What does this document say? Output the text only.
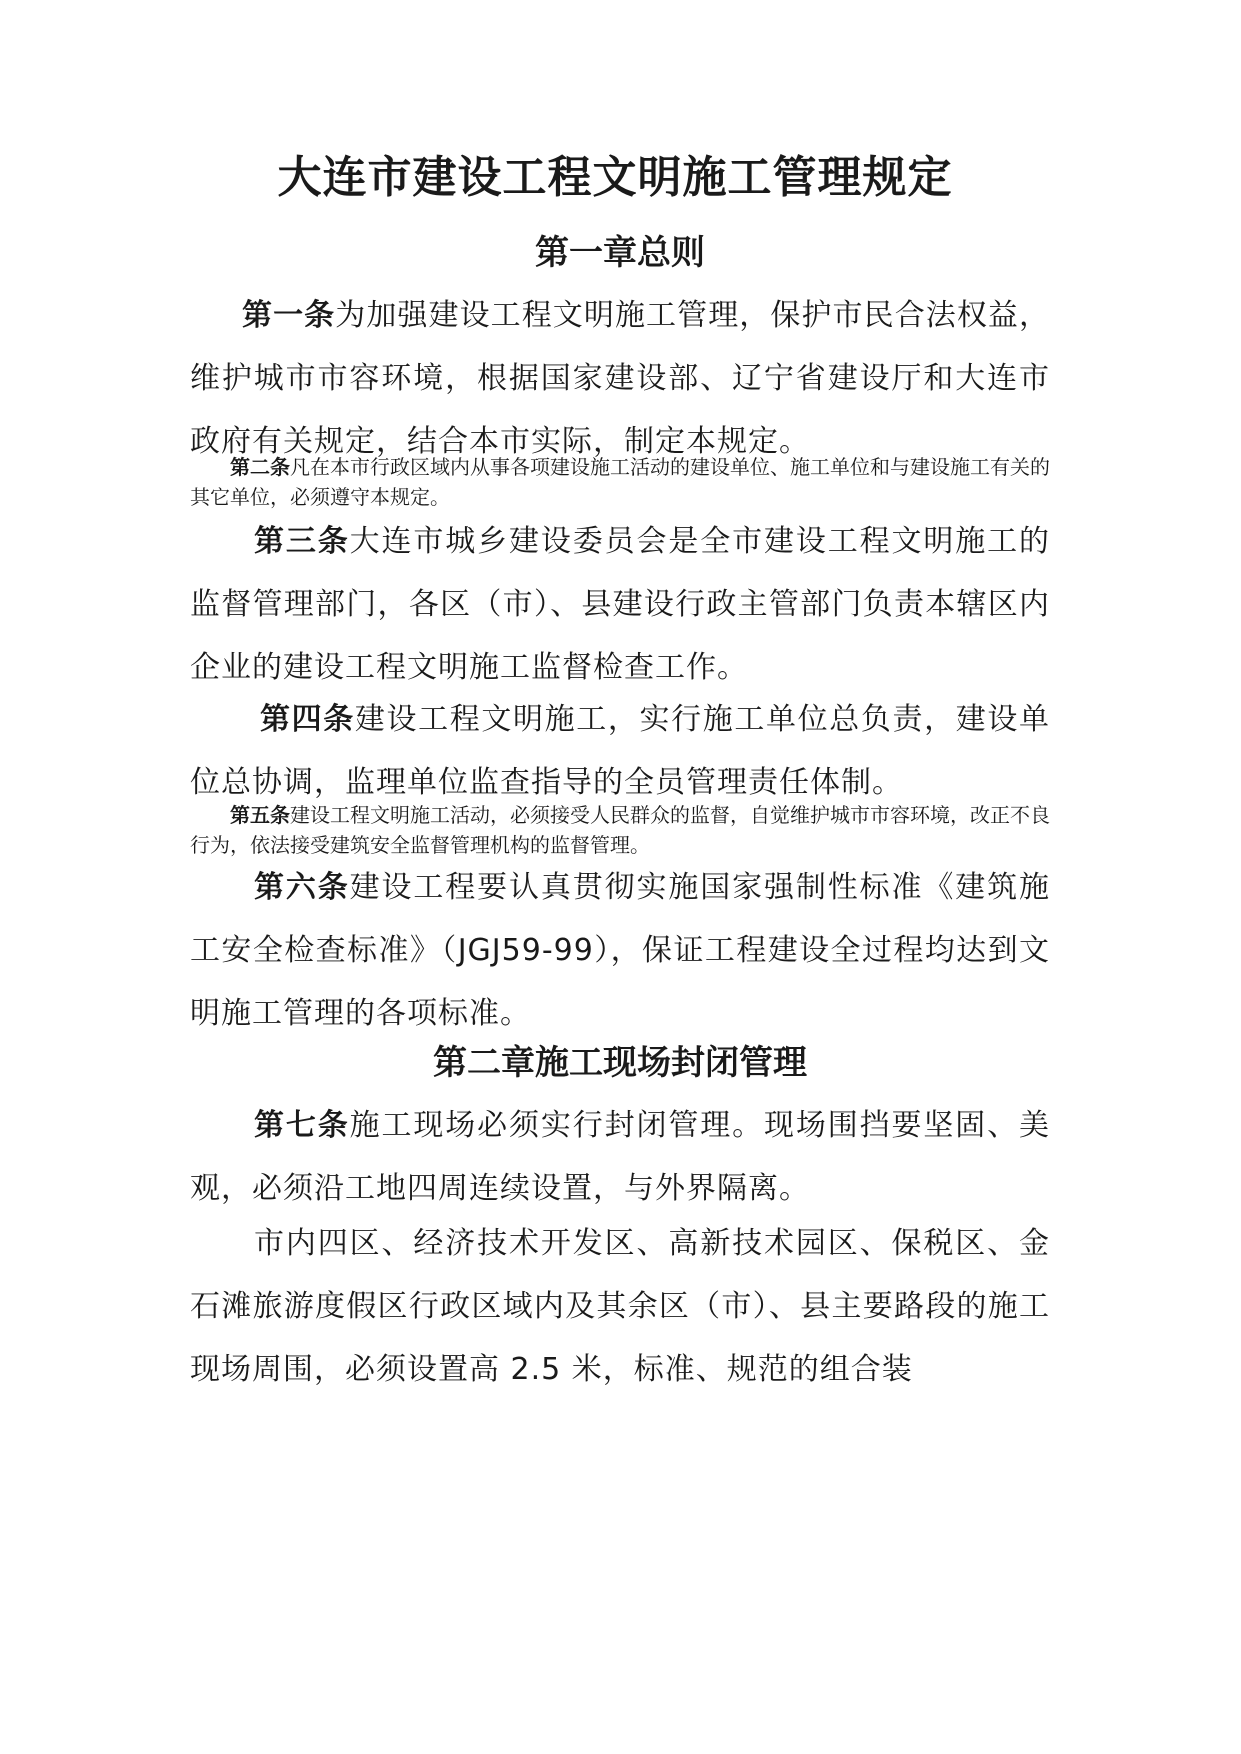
大连市建设工程文明施工管理规定
第一章总则

第一条为加强建设工程文明施工管理，保护市民合法权益，维护城市市容环境，根据国家建设部、辽宁省建设厅和大连市政府有关规定，结合本市实际，制定本规定。

第二条凡在本市行政区域内从事各项建设施工活动的建设单位、施工单位和与建设施工有关的其它单位，必须遵守本规定。

第三条大连市城乡建设委员会是全市建设工程文明施工的监督管理部门，各区（市）、县建设行政主管部门负责本辖区内企业的建设工程文明施工监督检查工作。

第四条建设工程文明施工，实行施工单位总负责，建设单位总协调，监理单位监查指导的全员管理责任体制。

第五条建设工程文明施工活动，必须接受人民群众的监督，自觉维护城市市容环境，改正不良行为，依法接受建筑安全监督管理机构的监督管理。

第六条建设工程要认真贯彻实施国家强制性标准《建筑施工安全检查标准》（JGJ59-99），保证工程建设全过程均达到文明施工管理的各项标准。

第二章施工现场封闭管理

第七条施工现场必须实行封闭管理。现场围挡要坚固、美观，必须沿工地四周连续设置，与外界隔离。

市内四区、经济技术开发区、高新技术园区、保税区、金石滩旅游度假区行政区域内及其余区（市）、县主要路段的施工现场周围，必须设置高 2.5 米，标准、规范的组合装
